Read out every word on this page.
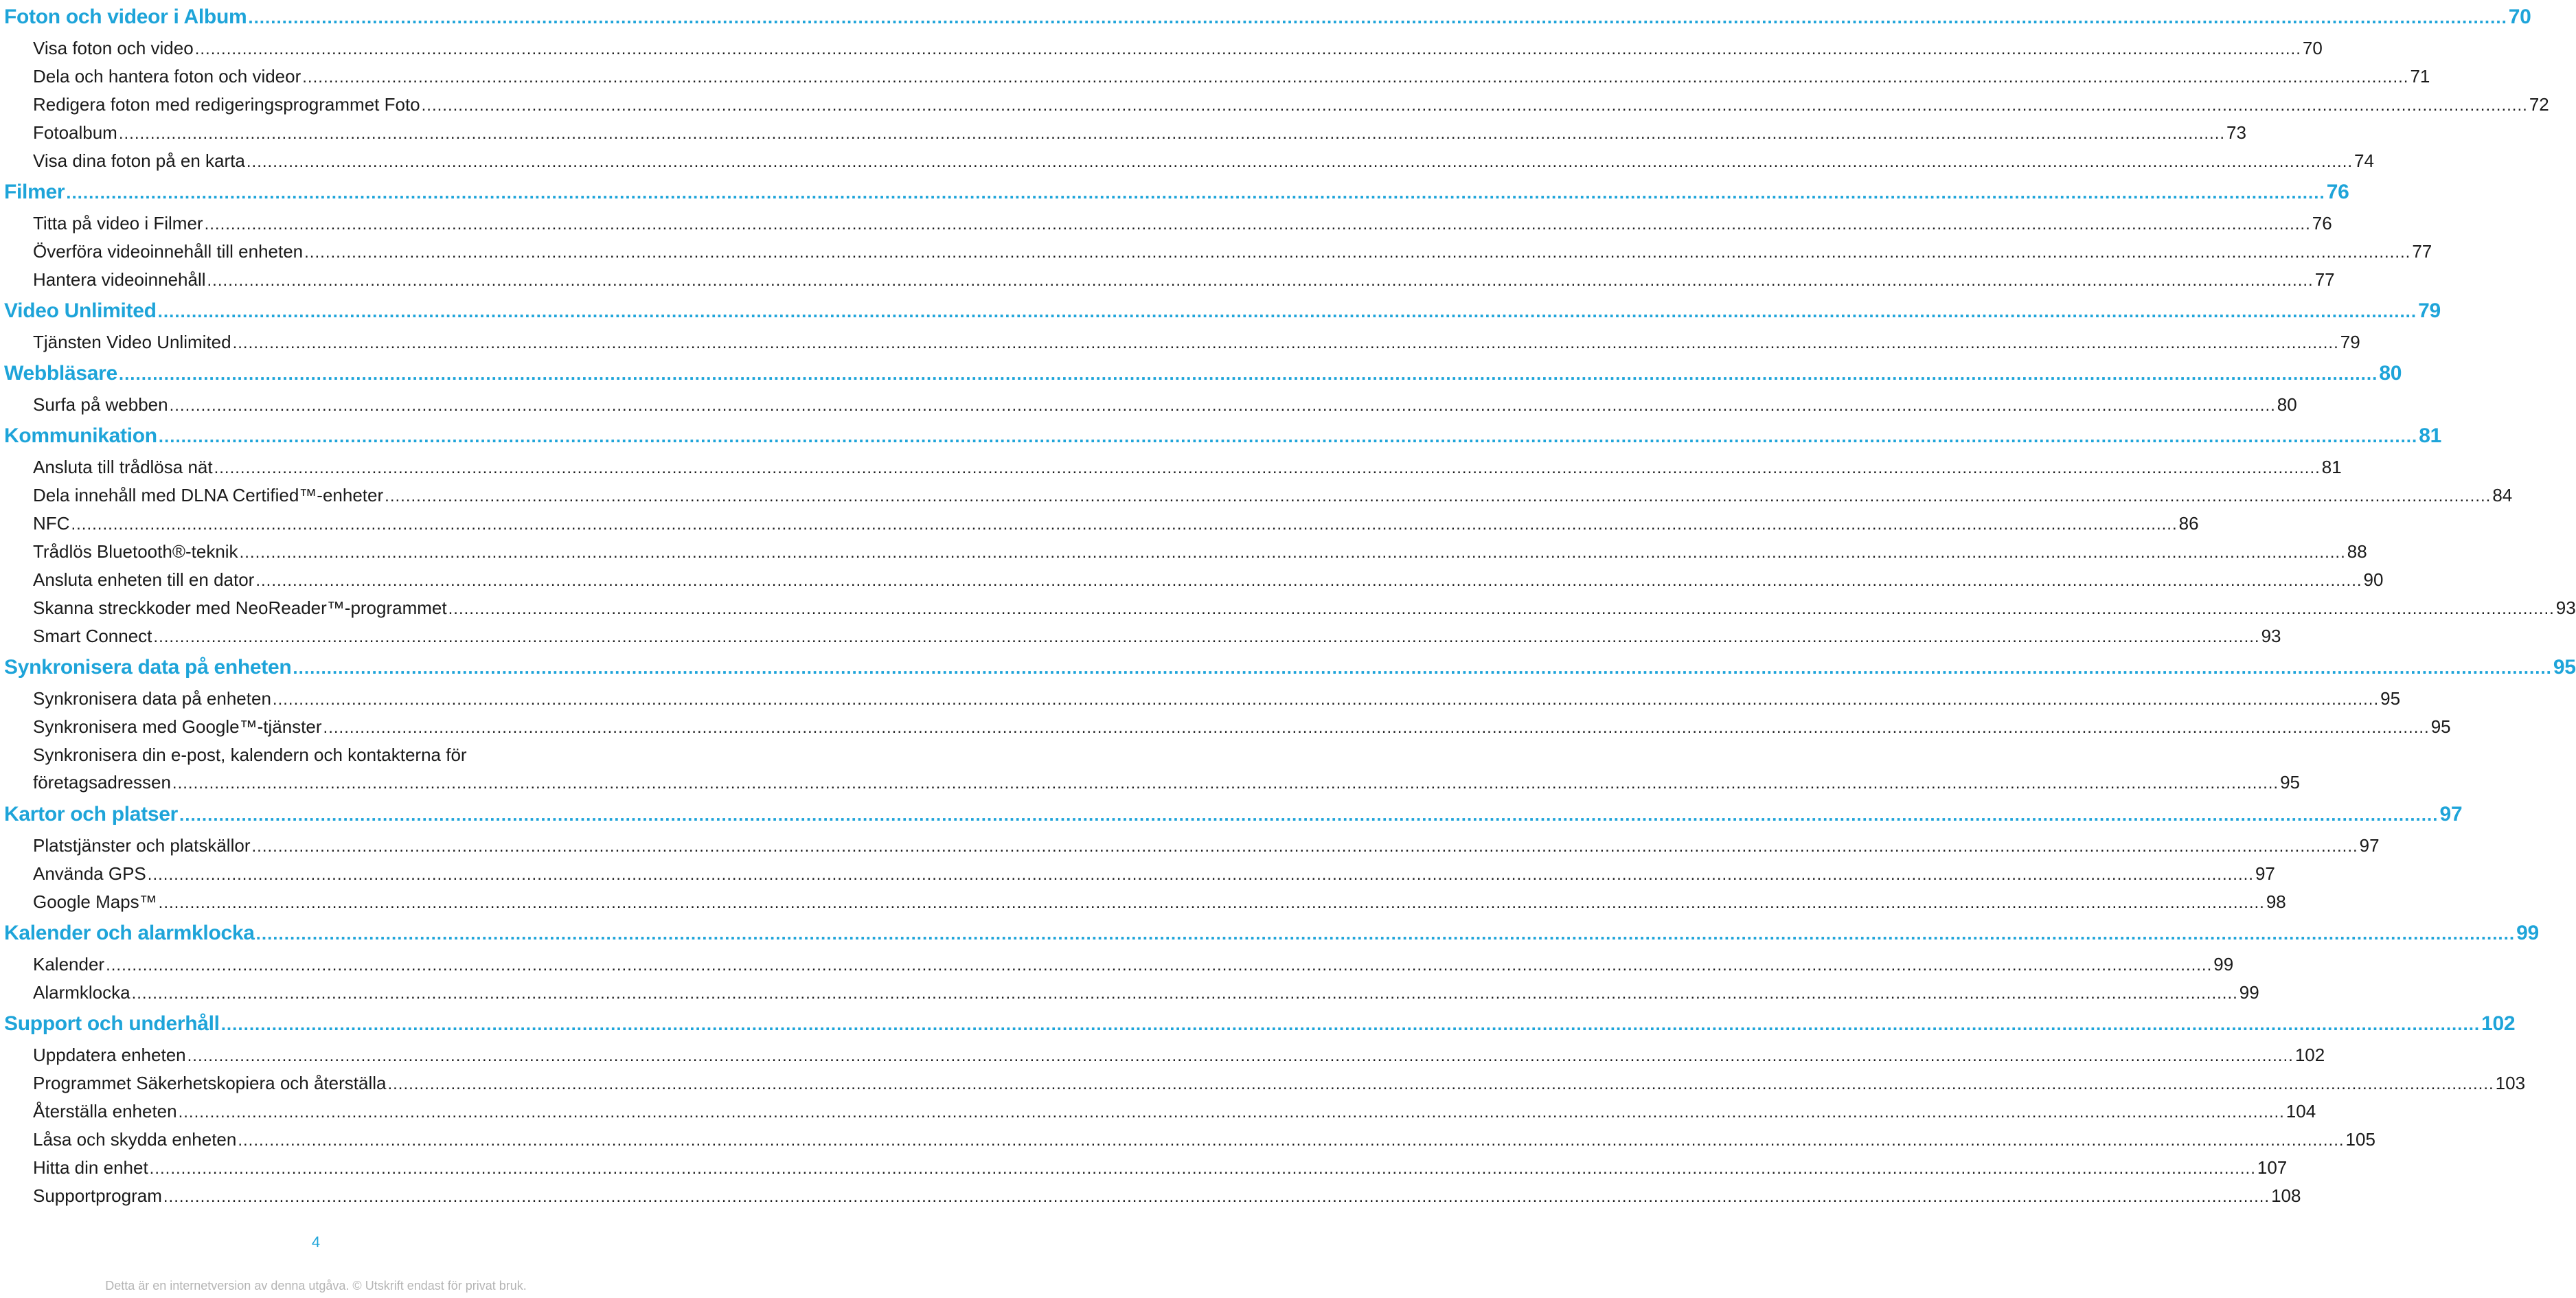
Foton och videor i Album ................................................................................................................................................................................................................................................................................................................................................................................................................ 70
Visa foton och video ................................................................................................................................................................................................................................................................................................................................................................................................................ 70
Dela och hantera foton och videor ................................................................................................................................................................................................................................................................................................................................................................................................................ 71
Redigera foton med redigeringsprogrammet Foto ................................................................................................................................................................................................................................................................................................................................................................................................................ 72
Fotoalbum ................................................................................................................................................................................................................................................................................................................................................................................................................ 73
Visa dina foton på en karta ................................................................................................................................................................................................................................................................................................................................................................................................................ 74
Filmer ................................................................................................................................................................................................................................................................................................................................................................................................................ 76
Titta på video i Filmer ................................................................................................................................................................................................................................................................................................................................................................................................................ 76
Överföra videoinnehåll till enheten ................................................................................................................................................................................................................................................................................................................................................................................................................ 77
Hantera videoinnehåll ................................................................................................................................................................................................................................................................................................................................................................................................................ 77
Video Unlimited ................................................................................................................................................................................................................................................................................................................................................................................................................ 79
Tjänsten Video Unlimited ................................................................................................................................................................................................................................................................................................................................................................................................................ 79
Webbläsare ................................................................................................................................................................................................................................................................................................................................................................................................................ 80
Surfa på webben ................................................................................................................................................................................................................................................................................................................................................................................................................ 80
Kommunikation ................................................................................................................................................................................................................................................................................................................................................................................................................ 81
Ansluta till trådlösa nät ................................................................................................................................................................................................................................................................................................................................................................................................................ 81
Dela innehåll med DLNA Certified™-enheter ................................................................................................................................................................................................................................................................................................................................................................................................................ 84
NFC ................................................................................................................................................................................................................................................................................................................................................................................................................ 86
Trådlös Bluetooth®-teknik ................................................................................................................................................................................................................................................................................................................................................................................................................ 88
Ansluta enheten till en dator ................................................................................................................................................................................................................................................................................................................................................................................................................ 90
Skanna streckkoder med NeoReader™-programmet ................................................................................................................................................................................................................................................................................................................................................................................................................ 93
Smart Connect ................................................................................................................................................................................................................................................................................................................................................................................................................ 93
Synkronisera data på enheten ................................................................................................................................................................................................................................................................................................................................................................................................................ 95
Synkronisera data på enheten ................................................................................................................................................................................................................................................................................................................................................................................................................ 95
Synkronisera med Google™-tjänster ................................................................................................................................................................................................................................................................................................................................................................................................................ 95
Synkronisera din e-post, kalendern och kontakterna för
företagsadressen ................................................................................................................................................................................................................................................................................................................................................................................................................ 95
Kartor och platser ................................................................................................................................................................................................................................................................................................................................................................................................................ 97
Platstjänster och platskällor ................................................................................................................................................................................................................................................................................................................................................................................................................ 97
Använda GPS ................................................................................................................................................................................................................................................................................................................................................................................................................ 97
Google Maps™ ................................................................................................................................................................................................................................................................................................................................................................................................................ 98
Kalender och alarmklocka ................................................................................................................................................................................................................................................................................................................................................................................................................ 99
Kalender ................................................................................................................................................................................................................................................................................................................................................................................................................ 99
Alarmklocka ................................................................................................................................................................................................................................................................................................................................................................................................................ 99
Support och underhåll ................................................................................................................................................................................................................................................................................................................................................................................................................ 102
Uppdatera enheten ................................................................................................................................................................................................................................................................................................................................................................................................................ 102
Programmet Säkerhetskopiera och återställa ................................................................................................................................................................................................................................................................................................................................................................................................................ 103
Återställa enheten ................................................................................................................................................................................................................................................................................................................................................................................................................ 104
Låsa och skydda enheten ................................................................................................................................................................................................................................................................................................................................................................................................................ 105
Hitta din enhet ................................................................................................................................................................................................................................................................................................................................................................................................................ 107
Supportprogram ................................................................................................................................................................................................................................................................................................................................................................................................................ 108
4
Detta är en internetversion av denna utgåva. © Utskrift endast för privat bruk.
